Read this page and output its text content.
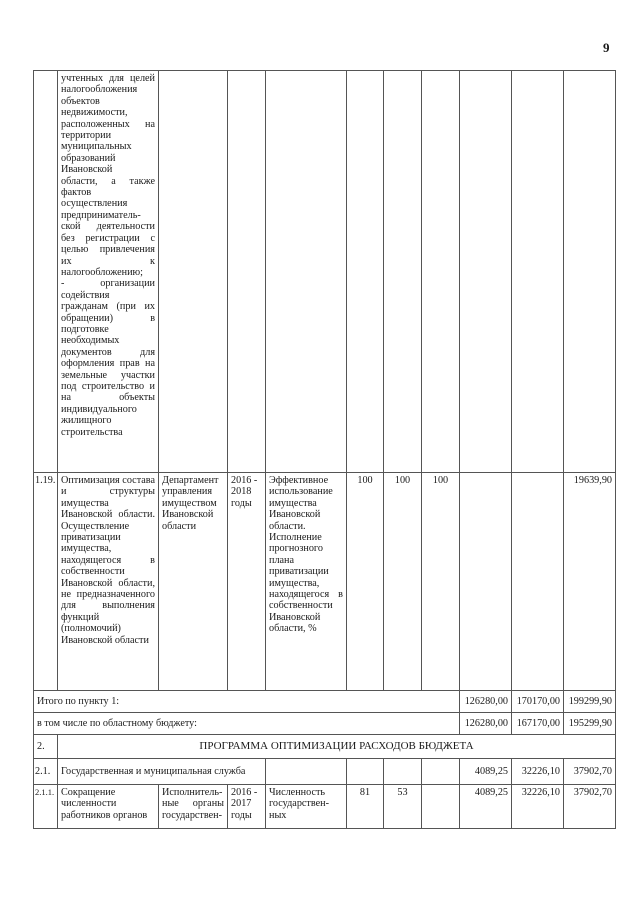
9

учтенных для целей
налогообложения
объектов
недвижимости,
расположенных на
территории
муниципальных
образований
Ивановской
области, а также
фактов
осуществления
предприниматель-
ской деятельности
без регистрации с
целью привлечения
их	к
налогообложению;
-	организации
содействия
гражданам (при их
обращении)	в
подготовке
необходимых
документов	для
оформления прав на
земельные участки
под строительство и
на	объекты
индивидуального
жилищного
строительства

1.19.	Оптимизация состава и структуры имущества Ивановской области. Осуществление приватизации имущества, находящегося в собственности Ивановской области, не предназначенного для выполнения функций (полномочий) Ивановской области	Департамент управления имуществом Ивановской области	2016 - 2018 годы	Эффективное использование имущества Ивановской области. Исполнение прогнозного плана приватизации имущества, находящегося в собственности Ивановской области, %	100	100	100			19639,90
Итого по пункту 1:								126280,00	170170,00	199299,90
в том числе по областному бюджету:								126280,00	167170,00	195299,90
2.	ПРОГРАММА ОПТИМИЗАЦИИ РАСХОДОВ БЮДЖЕТА									
2.1.	Государственная и муниципальная служба							4089,25	32226,10	37902,70
2.1.1.	Сокращение численности работников органов	Исполнитель-ные органы государствен-	2016 - 2017 годы	Численность государствен-ных	81	53		4089,25	32226,10	37902,70
